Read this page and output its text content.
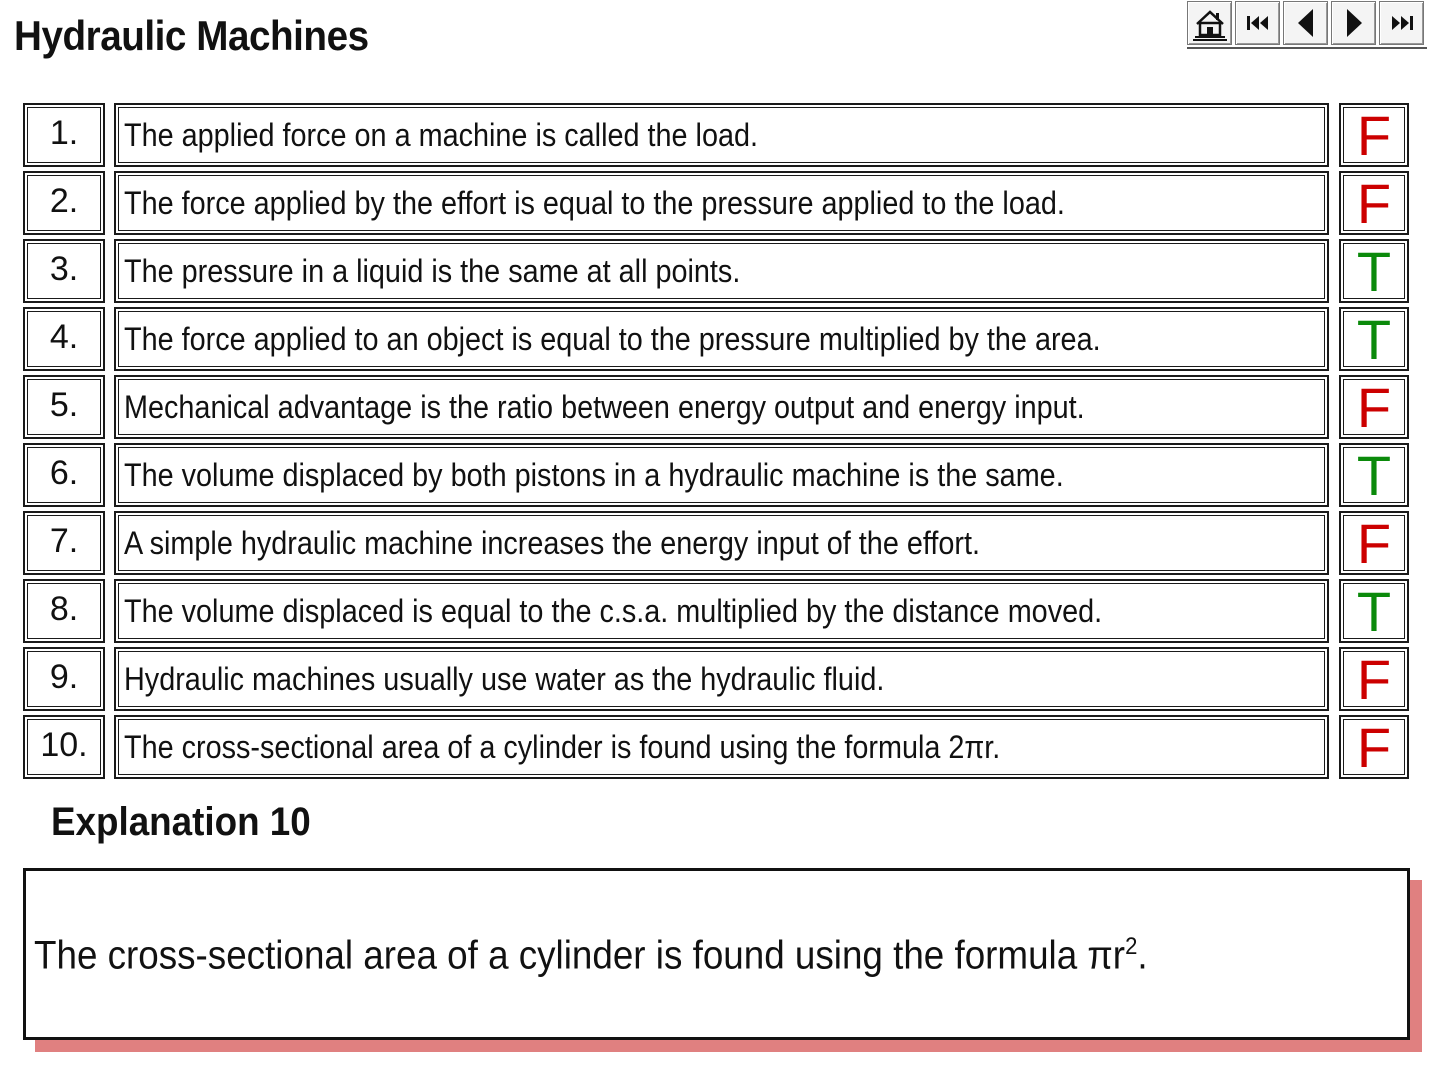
Hydraulic Machines
1.	The applied force on a machine is called the load.	F
2.	The force applied by the effort is equal to the pressure applied to the load.	F
3.	The pressure in a liquid is the same at all points.	T
4.	The force applied to an object is equal to the pressure multiplied by the area.	T
5.	Mechanical advantage is the ratio between energy output and energy input.	F
6.	The volume displaced by both pistons in a hydraulic machine is the same.	T
7.	A simple hydraulic machine increases the energy input of the effort.	F
8.	The volume displaced is equal to the c.s.a. multiplied by the distance moved.	T
9.	Hydraulic machines usually use water as the hydraulic fluid.	F
10.	The cross-sectional area of a cylinder is found using the formula 2πr.	F
Explanation 10
The cross-sectional area of a cylinder is found using the formula $\pi r^2$.
